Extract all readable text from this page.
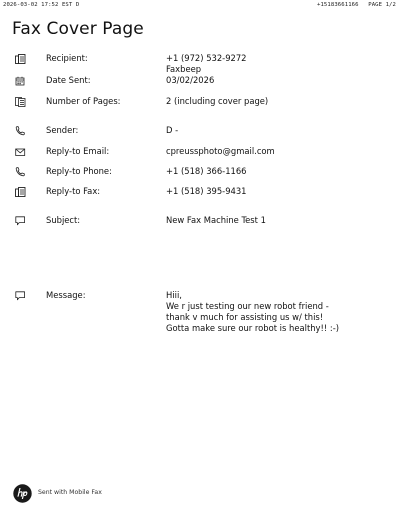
2026-03-02 17:52 EST D	+15183661166 PAGE 1/2
Fax Cover Page
Recipient:	+1 (972) 532-9272
Faxbeep
Date Sent:	03/02/2026
Number of Pages:	2 (including cover page)
Sender:	D -
Reply-to Email:	cpreussphoto@gmail.com
Reply-to Phone:	+1 (518) 366-1166
Reply-to Fax:	+1 (518) 395-9431
Subject:	New Fax Machine Test 1
Message:	Hiii,
We r just testing our new robot friend -
thank v much for assisting us w/ this!
Gotta make sure our robot is healthy!! :-)
Sent with Mobile Fax
